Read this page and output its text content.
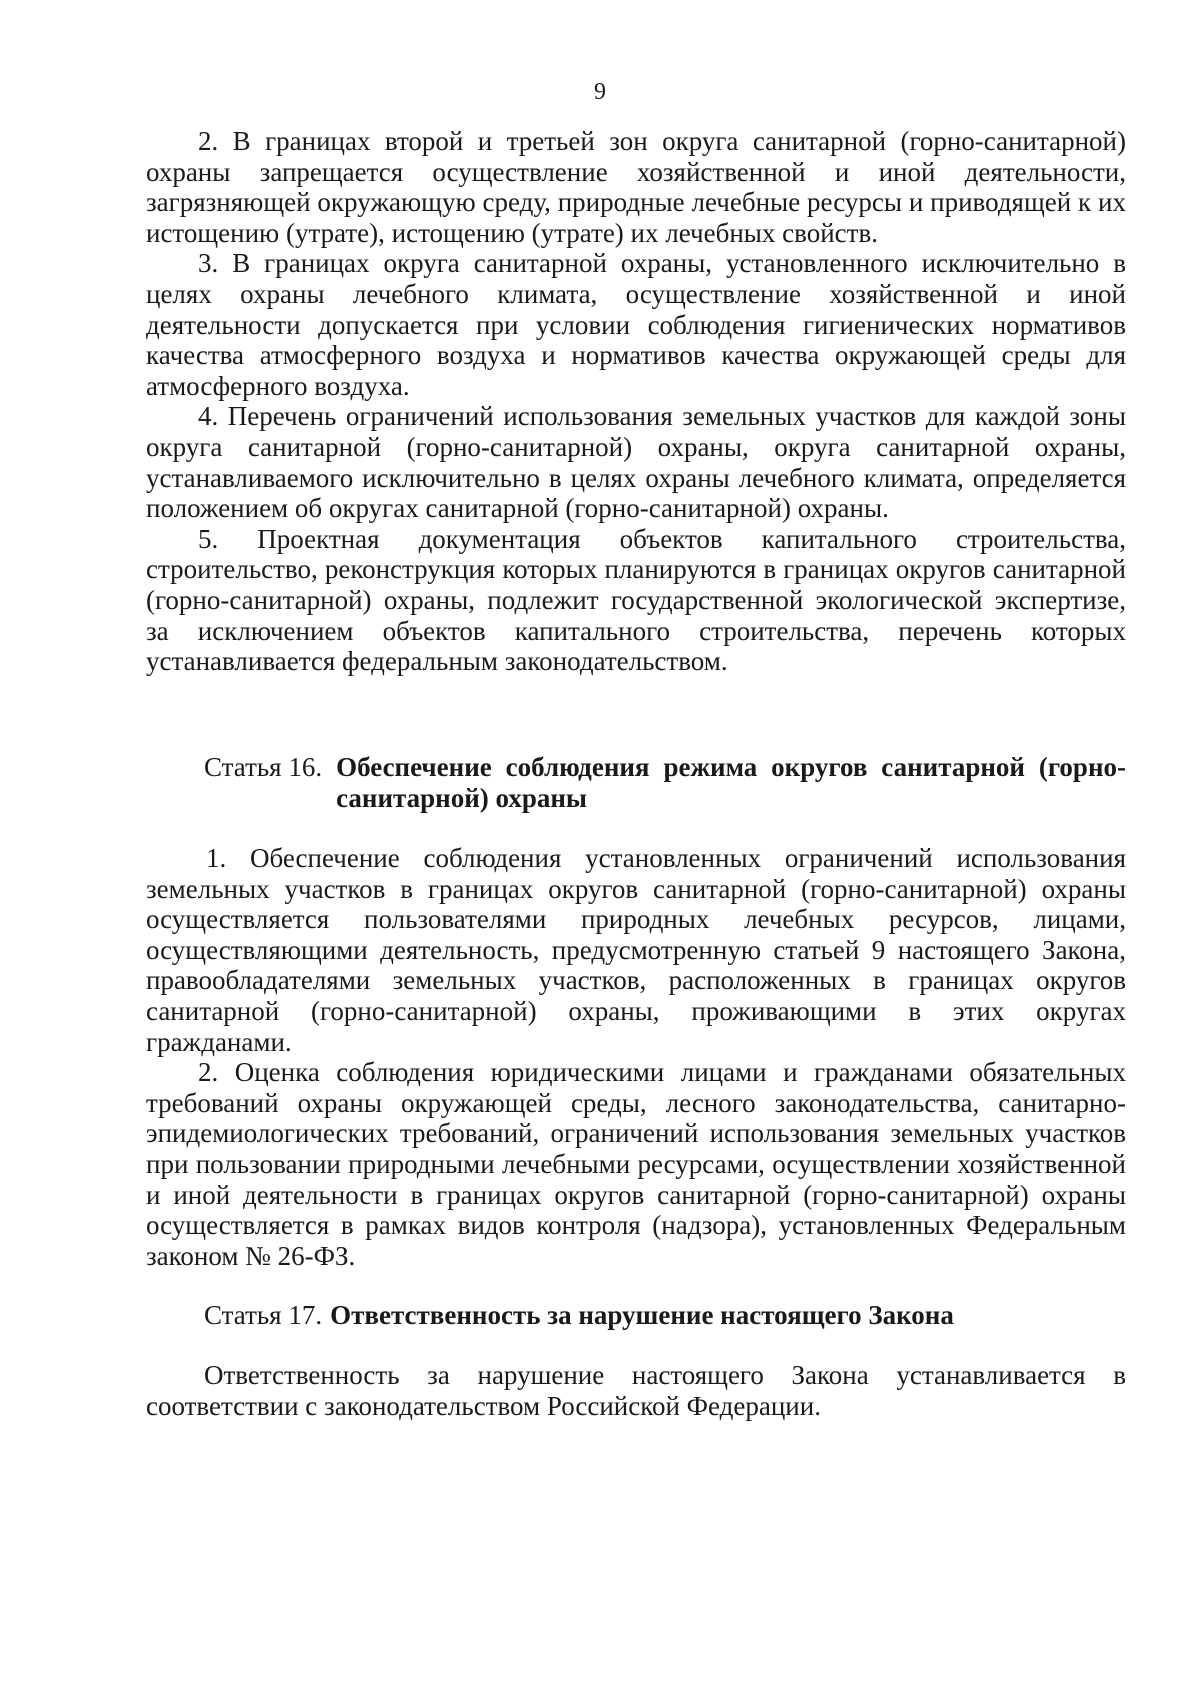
9

2. В границах второй и третьей зон округа санитарной (горно-санитарной) охраны запрещается осуществление хозяйственной и иной деятельности, загрязняющей окружающую среду, природные лечебные ресурсы и приводящей к их истощению (утрате), истощению (утрате) их лечебных свойств.

3. В границах округа санитарной охраны, установленного исключительно в целях охраны лечебного климата, осуществление хозяйственной и иной деятельности допускается при условии соблюдения гигиенических нормативов качества атмосферного воздуха и нормативов качества окружающей среды для атмосферного воздуха.

4. Перечень ограничений использования земельных участков для каждой зоны округа санитарной (горно-санитарной) охраны, округа санитарной охраны, устанавливаемого исключительно в целях охраны лечебного климата, определяется положением об округах санитарной (горно-санитарной) охраны.

5. Проектная документация объектов капитального строительства, строительство, реконструкция которых планируются в границах округов санитарной (горно-санитарной) охраны, подлежит государственной экологической экспертизе, за исключением объектов капитального строительства, перечень которых устанавливается федеральным законодательством.

Статья 16. Обеспечение соблюдения режима округов санитарной (горно-санитарной) охраны

1. Обеспечение соблюдения установленных ограничений использования земельных участков в границах округов санитарной (горно-санитарной) охраны осуществляется пользователями природных лечебных ресурсов, лицами, осуществляющими деятельность, предусмотренную статьей 9 настоящего Закона, правообладателями земельных участков, расположенных в границах округов санитарной (горно-санитарной) охраны, проживающими в этих округах гражданами.

2. Оценка соблюдения юридическими лицами и гражданами обязательных требований охраны окружающей среды, лесного законодательства, санитарно-эпидемиологических требований, ограничений использования земельных участков при пользовании природными лечебными ресурсами, осуществлении хозяйственной и иной деятельности в границах округов санитарной (горно-санитарной) охраны осуществляется в рамках видов контроля (надзора), установленных Федеральным законом № 26-ФЗ.

Статья 17. Ответственность за нарушение настоящего Закона

Ответственность за нарушение настоящего Закона устанавливается в соответствии с законодательством Российской Федерации.
